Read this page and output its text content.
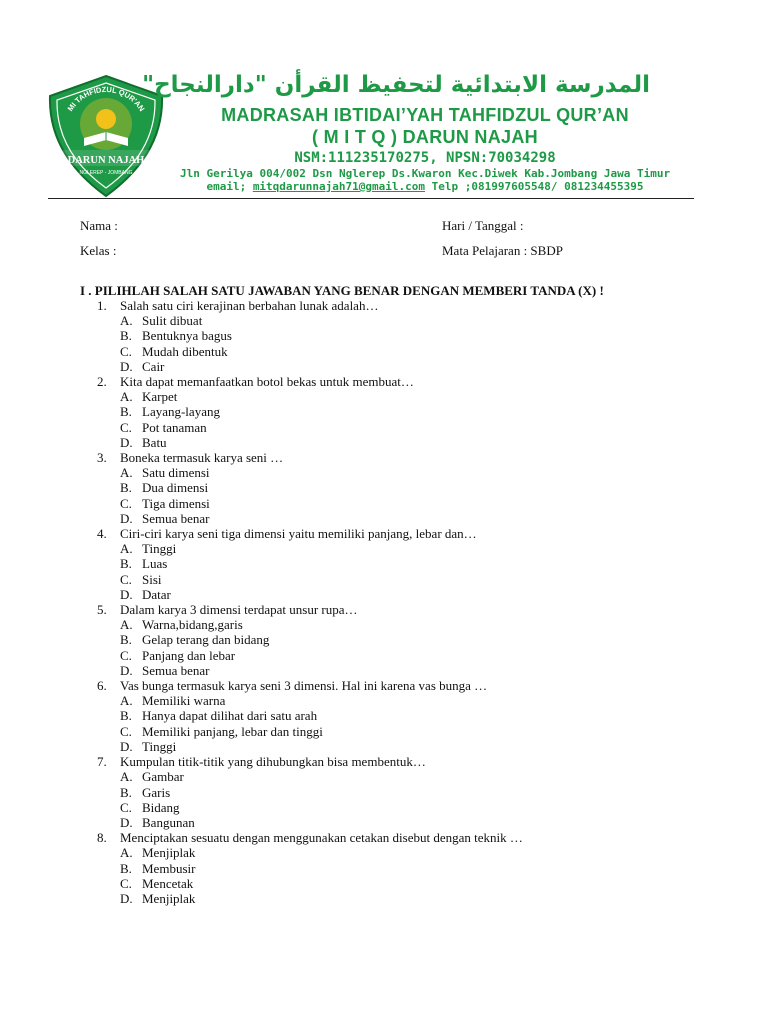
MI TAHFIDZUL QUR'AN
DARUN NAJAH
NGLEREP - JOMBANG
المدرسة الابتدائية لتحفيظ القرأن "دارالنجاح"
MADRASAH IBTIDAI’YAH TAHFIDZUL QUR’AN
( M I T Q ) DARUN NAJAH
NSM:111235170275, NPSN:70034298
Jln Gerilya 004/002 Dsn Nglerep Ds.Kwaron Kec.Diwek Kab.Jombang Jawa Timur
email; mitqdarunnajah71@gmail.com Telp ;081997605548/ 081234455395
Nama :
Kelas :
Hari / Tanggal :
Mata Pelajaran : SBDP
I . PILIHLAH SALAH SATU JAWABAN YANG BENAR DENGAN MEMBERI TANDA (X) !
1.	Salah satu ciri kerajinan berbahan lunak adalah…
A. Sulit dibuat
B. Bentuknya bagus
C. Mudah dibentuk
D. Cair
2.	Kita dapat memanfaatkan botol bekas untuk membuat…
A. Karpet
B. Layang-layang
C. Pot tanaman
D. Batu
3.	Boneka termasuk karya seni …
A. Satu dimensi
B. Dua dimensi
C. Tiga dimensi
D. Semua benar
4.	Ciri-ciri karya seni tiga dimensi yaitu memiliki panjang, lebar dan…
A. Tinggi
B. Luas
C. Sisi
D. Datar
5.	Dalam karya 3 dimensi terdapat unsur rupa…
A. Warna,bidang,garis
B. Gelap terang dan bidang
C. Panjang dan lebar
D. Semua benar
6.	Vas bunga termasuk karya seni 3 dimensi. Hal ini karena vas bunga …
A. Memiliki warna
B. Hanya dapat dilihat dari satu arah
C. Memiliki panjang, lebar dan tinggi
D. Tinggi
7.	Kumpulan titik-titik yang dihubungkan bisa membentuk…
A. Gambar
B. Garis
C. Bidang
D. Bangunan
8.	Menciptakan sesuatu dengan menggunakan cetakan disebut dengan teknik …
A. Menjiplak
B. Membusir
C. Mencetak
D. Menjiplak
